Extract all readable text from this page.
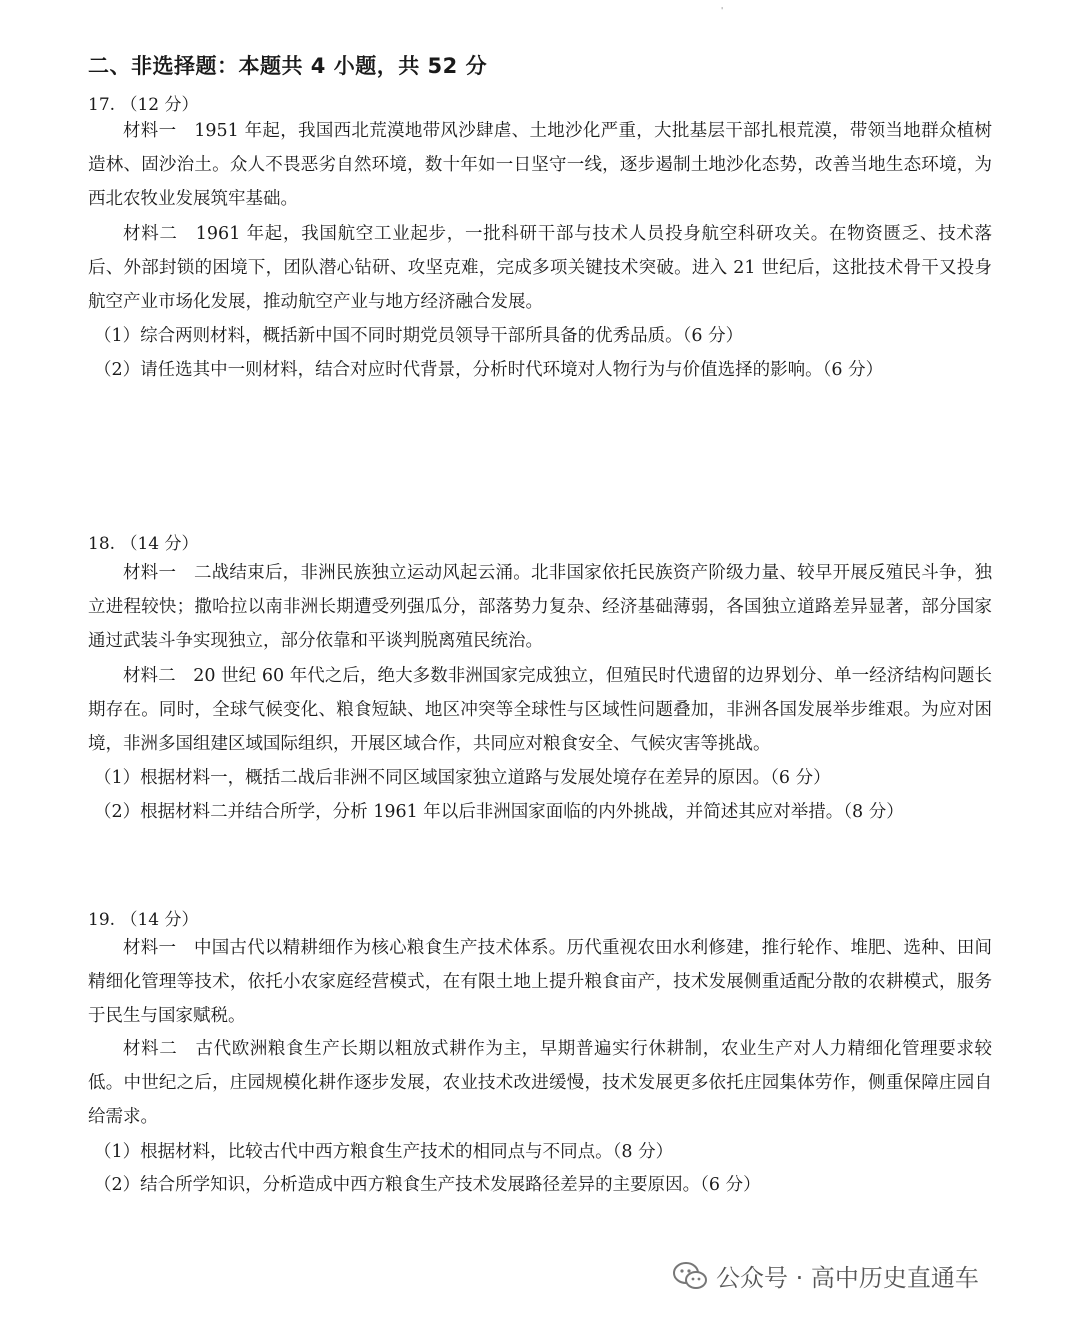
'
二、非选择题：本题共 4 小题，共 52 分
17. （12 分）

材料一　1951 年起，我国西北荒漠地带风沙肆虐、土地沙化严重，大批基层干部扎根荒漠，带领当地群众植树造林、固沙治土。众人不畏恶劣自然环境，数十年如一日坚守一线，逐步遏制土地沙化态势，改善当地生态环境，为西北农牧业发展筑牢基础。

材料二　1961 年起，我国航空工业起步，一批科研干部与技术人员投身航空科研攻关。在物资匮乏、技术落后、外部封锁的困境下，团队潜心钻研、攻坚克难，完成多项关键技术突破。进入 21 世纪后，这批技术骨干又投身航空产业市场化发展，推动航空产业与地方经济融合发展。

（1）综合两则材料，概括新中国不同时期党员领导干部所具备的优秀品质。（6 分）
（2）请任选其中一则材料，结合对应时代背景，分析时代环境对人物行为与价值选择的影响。（6 分）
18. （14 分）

材料一　二战结束后，非洲民族独立运动风起云涌。北非国家依托民族资产阶级力量、较早开展反殖民斗争，独立进程较快；撒哈拉以南非洲长期遭受列强瓜分，部落势力复杂、经济基础薄弱，各国独立道路差异显著，部分国家通过武装斗争实现独立，部分依靠和平谈判脱离殖民统治。

材料二　20 世纪 60 年代之后，绝大多数非洲国家完成独立，但殖民时代遗留的边界划分、单一经济结构问题长期存在。同时，全球气候变化、粮食短缺、地区冲突等全球性与区域性问题叠加，非洲各国发展举步维艰。为应对困境，非洲多国组建区域国际组织，开展区域合作，共同应对粮食安全、气候灾害等挑战。

（1）根据材料一，概括二战后非洲不同区域国家独立道路与发展处境存在差异的原因。（6 分）
（2）根据材料二并结合所学，分析 1961 年以后非洲国家面临的内外挑战，并简述其应对举措。（8 分）
19. （14 分）

材料一　中国古代以精耕细作为核心粮食生产技术体系。历代重视农田水利修建，推行轮作、堆肥、选种、田间精细化管理等技术，依托小农家庭经营模式，在有限土地上提升粮食亩产，技术发展侧重适配分散的农耕模式，服务于民生与国家赋税。

材料二　古代欧洲粮食生产长期以粗放式耕作为主，早期普遍实行休耕制，农业生产对人力精细化管理要求较低。中世纪之后，庄园规模化耕作逐步发展，农业技术改进缓慢，技术发展更多依托庄园集体劳作，侧重保障庄园自给需求。

（1）根据材料，比较古代中西方粮食生产技术的相同点与不同点。（8 分）
（2）结合所学知识，分析造成中西方粮食生产技术发展路径差异的主要原因。（6 分）
公众号 · 高中历史直通车
